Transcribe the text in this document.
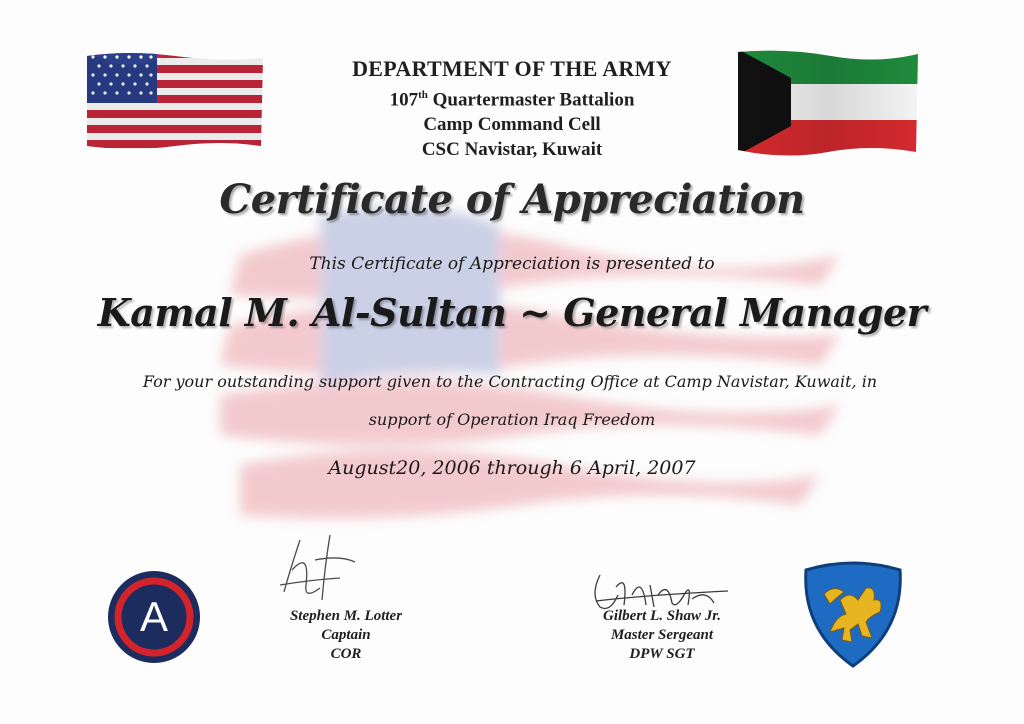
DEPARTMENT OF THE ARMY
107th Quartermaster Battalion
Camp Command Cell
CSC Navistar, Kuwait
Certificate of Appreciation
This Certificate of Appreciation is presented to
Kamal M. Al-Sultan ~ General Manager
For your outstanding support given to the Contracting Office at Camp Navistar, Kuwait, in
support of Operation Iraq Freedom
August20, 2006 through 6 April, 2007
Stephen M. Lotter
Captain
COR
Gilbert L. Shaw Jr.
Master Sergeant
DPW SGT
A
